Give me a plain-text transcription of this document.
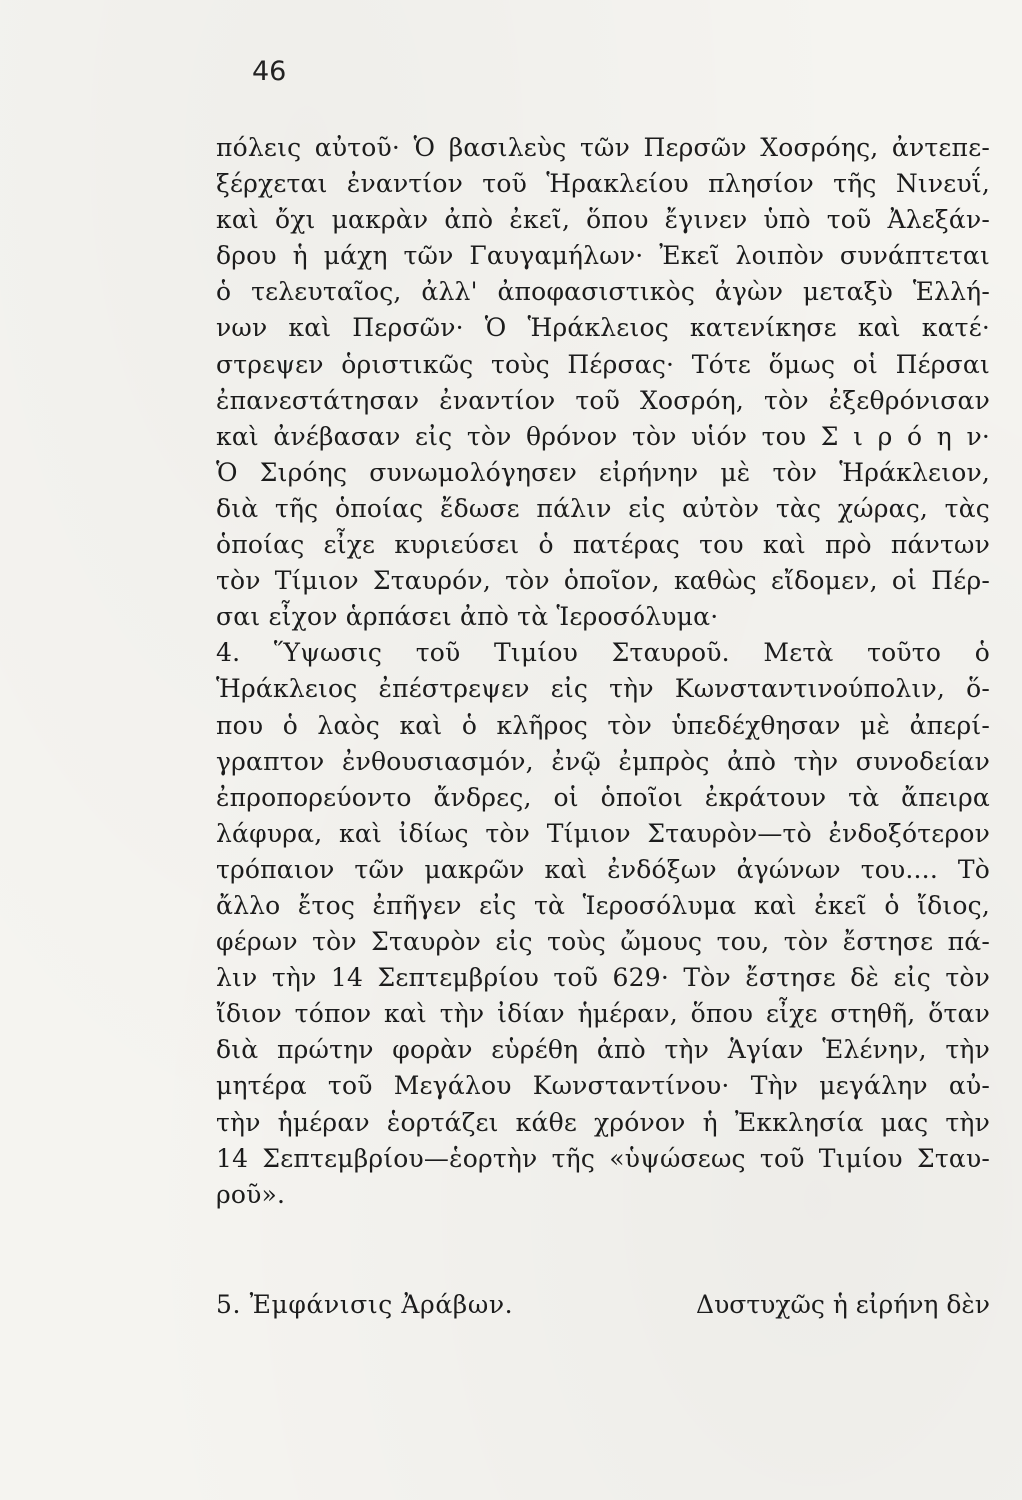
46
πόλεις αὐτοῦ· Ὁ βασιλεὺς τῶν Περσῶν Χοσρόης, ἀντεπε-
ξέρχεται ἐναντίον τοῦ Ἡρακλείου πλησίον τῆς Νινευΐ,
καὶ ὄχι μακρὰν ἀπὸ ἐκεῖ, ὅπου ἔγινεν ὑπὸ τοῦ Ἀλεξάν-
δρου ἡ μάχη τῶν Γαυγαμήλων· Ἐκεῖ λοιπὸν συνάπτεται
ὁ τελευταῖος, ἀλλ' ἀποφασιστικὸς ἀγὼν μεταξὺ Ἑλλή-
νων καὶ Περσῶν· Ὁ Ἡράκλειος κατενίκησε καὶ κατέ·
στρεψεν ὁριστικῶς τοὺς Πέρσας· Τότε ὅμως οἱ Πέρσαι
ἐπανεστάτησαν ἐναντίον τοῦ Χοσρόη, τὸν ἐξεθρόνισαν
καὶ ἀνέβασαν εἰς τὸν θρόνον τὸν υἱόν του Σ ι ρ ό η ν·
Ὁ Σιρόης συνωμολόγησεν εἰρήνην μὲ τὸν Ἡράκλειον,
διὰ τῆς ὁποίας ἔδωσε πάλιν εἰς αὐτὸν τὰς χώρας, τὰς
ὁποίας εἶχε κυριεύσει ὁ πατέρας του καὶ πρὸ πάντων
τὸν Τίμιον Σταυρόν, τὸν ὁποῖον, καθὼς εἴδομεν, οἱ Πέρ-
σαι εἶχον ἁρπάσει ἀπὸ τὰ Ἱεροσόλυμα·
4. Ὕψωσις τοῦ Τιμίου Σταυροῦ. Μετὰ τοῦτο ὁ
Ἡράκλειος ἐπέστρεψεν εἰς τὴν Κωνσταντινούπολιν, ὅ-
που ὁ λαὸς καὶ ὁ κλῆρος τὸν ὑπεδέχθησαν μὲ ἀπερί-
γραπτον ἐνθουσιασμόν, ἐνῷ ἐμπρὸς ἀπὸ τὴν συνοδείαν
ἐπροπορεύοντο ἄνδρες, οἱ ὁποῖοι ἐκράτουν τὰ ἄπειρα
λάφυρα, καὶ ἰδίως τὸν Τίμιον Σταυρὸν—τὸ ἐνδοξότερον
τρόπαιον τῶν μακρῶν καὶ ἐνδόξων ἀγώνων του.... Τὸ
ἄλλο ἔτος ἐπῆγεν εἰς τὰ Ἱεροσόλυμα καὶ ἐκεῖ ὁ ἴδιος,
φέρων τὸν Σταυρὸν εἰς τοὺς ὤμους του, τὸν ἔστησε πά-
λιν τὴν 14 Σεπτεμβρίου τοῦ 629· Τὸν ἔστησε δὲ εἰς τὸν
ἴδιον τόπον καὶ τὴν ἰδίαν ἡμέραν, ὅπου εἶχε στηθῆ, ὅταν
διὰ πρώτην φορὰν εὑρέθη ἀπὸ τὴν Ἁγίαν Ἑλένην, τὴν
μητέρα τοῦ Μεγάλου Κωνσταντίνου· Τὴν μεγάλην αὐ-
τὴν ἡμέραν ἑορτάζει κάθε χρόνον ἡ Ἐκκλησία μας τὴν
14 Σεπτεμβρίου—ἑορτὴν τῆς «ὑψώσεως τοῦ Τιμίου Σταυ-
ροῦ».
5. Ἐμφάνισις Ἀράβων.	Δυστυχῶς ἡ εἰρήνη δὲν
